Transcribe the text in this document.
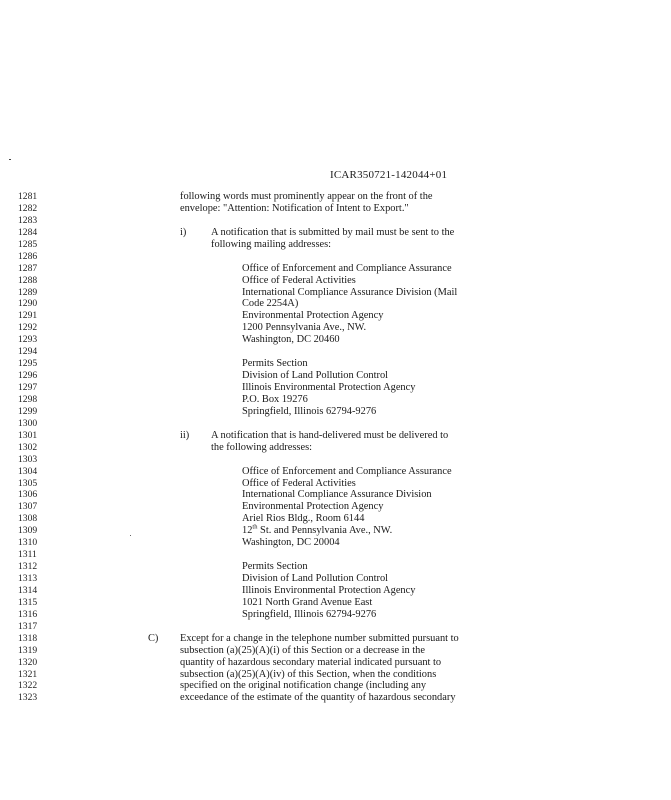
ICAR350721-142044+01
1281	following words must prominently appear on the front of the
1282	envelope: "Attention: Notification of Intent to Export."
1283
1284	i) A notification that is submitted by mail must be sent to the
1285	following mailing addresses:
1286
1287	Office of Enforcement and Compliance Assurance
1288	Office of Federal Activities
1289	International Compliance Assurance Division (Mail
1290	Code 2254A)
1291	Environmental Protection Agency
1292	1200 Pennsylvania Ave., NW.
1293	Washington, DC 20460
1294
1295	Permits Section
1296	Division of Land Pollution Control
1297	Illinois Environmental Protection Agency
1298	P.O. Box 19276
1299	Springfield, Illinois 62794-9276
1300
1301	ii) A notification that is hand-delivered must be delivered to
1302	the following addresses:
1303
1304	Office of Enforcement and Compliance Assurance
1305	Office of Federal Activities
1306	International Compliance Assurance Division
1307	Environmental Protection Agency
1308	Ariel Rios Bldg., Room 6144
1309	12th St. and Pennsylvania Ave., NW.
1310	Washington, DC 20004
1311
1312	Permits Section
1313	Division of Land Pollution Control
1314	Illinois Environmental Protection Agency
1315	1021 North Grand Avenue East
1316	Springfield, Illinois 62794-9276
1317
1318	C) Except for a change in the telephone number submitted pursuant to
1319	subsection (a)(25)(A)(i) of this Section or a decrease in the
1320	quantity of hazardous secondary material indicated pursuant to
1321	subsection (a)(25)(A)(iv) of this Section, when the conditions
1322	specified on the original notification change (including any
1323	exceedance of the estimate of the quantity of hazardous secondary
